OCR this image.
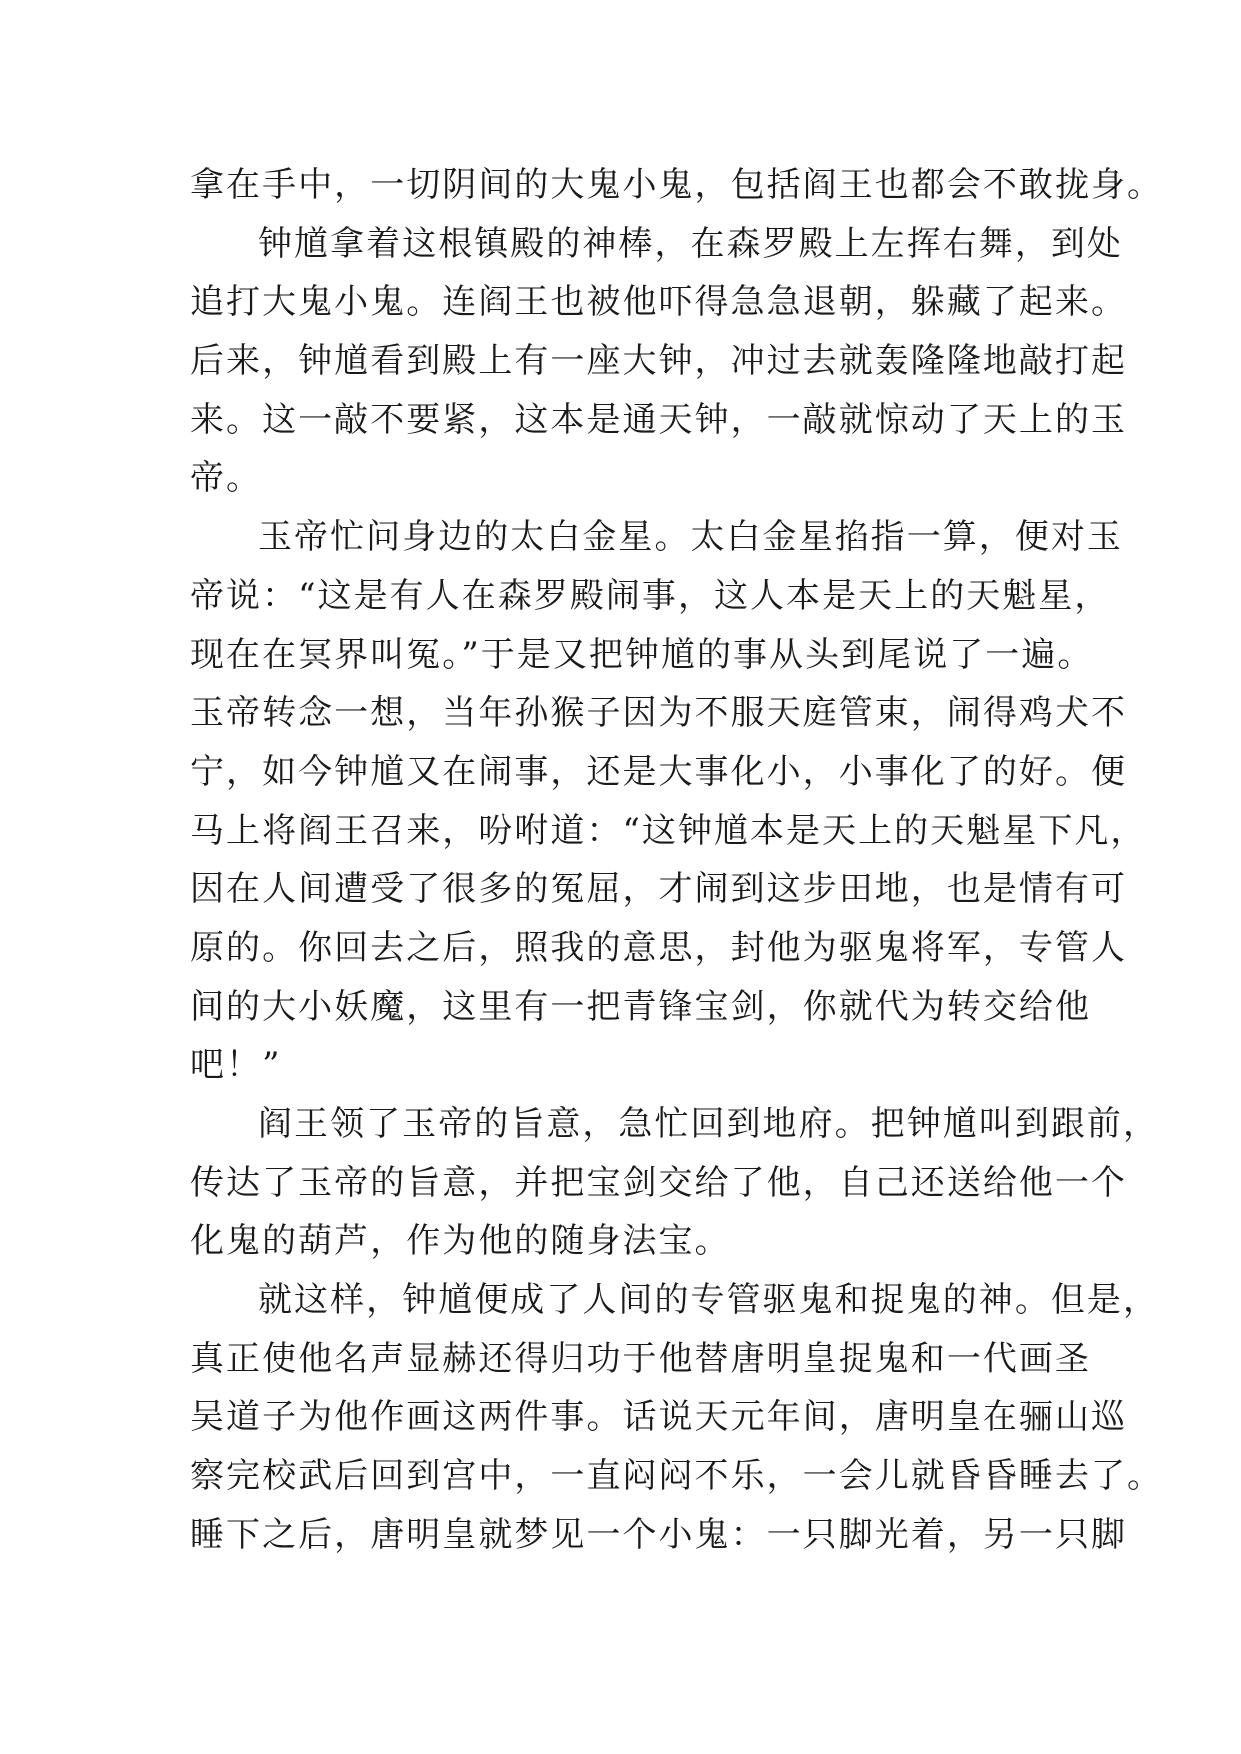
拿在手中，一切阴间的大鬼小鬼，包括阎王也都会不敢拢身。
钟馗拿着这根镇殿的神棒，在森罗殿上左挥右舞，到处
追打大鬼小鬼。连阎王也被他吓得急急退朝，躲藏了起来。
后来，钟馗看到殿上有一座大钟，冲过去就轰隆隆地敲打起
来。这一敲不要紧，这本是通天钟，一敲就惊动了天上的玉
帝。
玉帝忙问身边的太白金星。太白金星掐指一算，便对玉
帝说：“这是有人在森罗殿闹事，这人本是天上的天魁星，
现在在冥界叫冤。”于是又把钟馗的事从头到尾说了一遍。
玉帝转念一想，当年孙猴子因为不服天庭管束，闹得鸡犬不
宁，如今钟馗又在闹事，还是大事化小，小事化了的好。便
马上将阎王召来，吩咐道：“这钟馗本是天上的天魁星下凡，
因在人间遭受了很多的冤屈，才闹到这步田地，也是情有可
原的。你回去之后，照我的意思，封他为驱鬼将军，专管人
间的大小妖魔，这里有一把青锋宝剑，你就代为转交给他
吧！”
阎王领了玉帝的旨意，急忙回到地府。把钟馗叫到跟前，
传达了玉帝的旨意，并把宝剑交给了他，自己还送给他一个
化鬼的葫芦，作为他的随身法宝。
就这样，钟馗便成了人间的专管驱鬼和捉鬼的神。但是，
真正使他名声显赫还得归功于他替唐明皇捉鬼和一代画圣
吴道子为他作画这两件事。话说天元年间，唐明皇在骊山巡
察完校武后回到宫中，一直闷闷不乐，一会儿就昏昏睡去了。
睡下之后，唐明皇就梦见一个小鬼：一只脚光着，另一只脚
